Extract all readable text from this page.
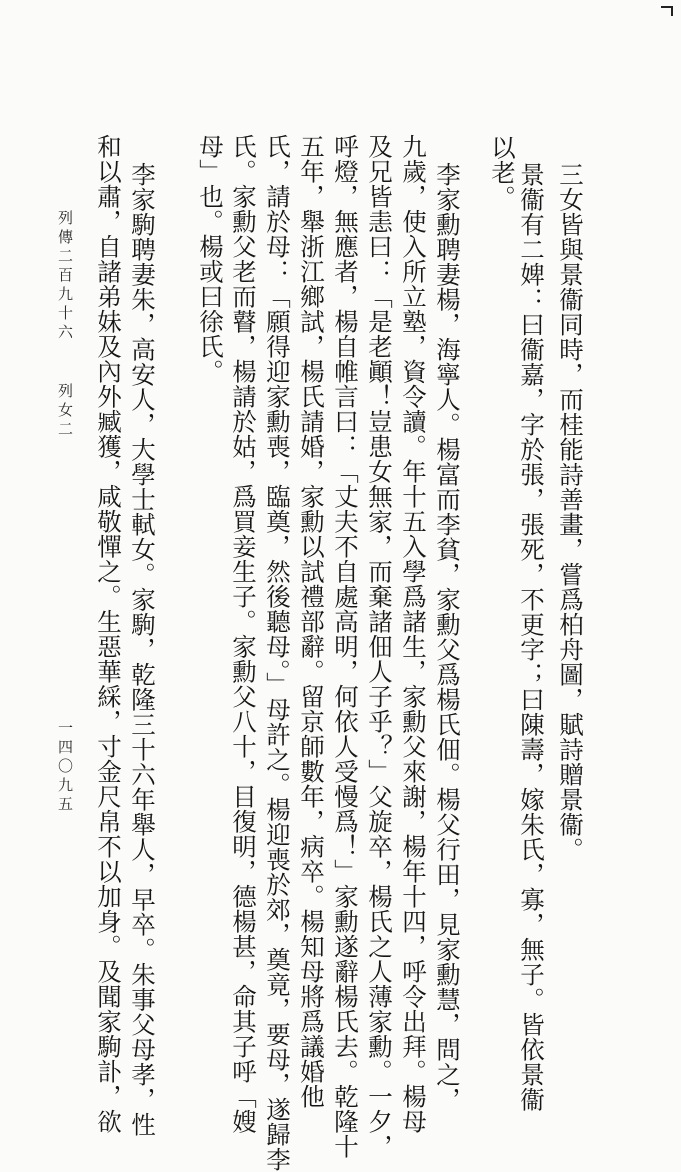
三女皆與景衞同時，而桂能詩善畫，嘗爲柏舟圖，賦詩贈景衞。
景衞有二婢：曰衞嘉，字於張，張死，不更字；曰陳壽，嫁朱氏，寡，無子。皆依景衞
以老。
李家勳聘妻楊，海寧人。楊富而李貧，家勳父爲楊氏佃。楊父行田，見家勳慧，問之，
九歲，使入所立塾，資令讀。年十五入學爲諸生，家勳父來謝，楊年十四，呼令出拜。楊母
及兄皆恚曰：「是老顚！豈患女無家，而棄諸佃人子乎？」父旋卒，楊氏之人薄家勳。一夕，
呼燈，無應者，楊自帷言曰：「丈夫不自處高明，何依人受慢爲！」家勳遂辭楊氏去。乾隆十
五年，舉浙江鄉試，楊氏請婚，家勳以試禮部辭。留京師數年，病卒。楊知母將爲議婚他
氏，請於母：「願得迎家勳喪，臨奠，然後聽母。」母許之。楊迎喪於郊，奠竟，要母，遂歸李
氏。家勳父老而瞽，楊請於姑，爲買妾生子。家勳父八十，目復明，德楊甚，命其子呼「嫂
母」也。楊或曰徐氏。
李家駒聘妻朱，高安人，大學士軾女。家駒，乾隆三十六年舉人，早卒。朱事父母孝，性
和以肅，自諸弟妹及內外臧獲，咸敬憚之。生惡華綵，寸金尺帛不以加身。及聞家駒訃，欲
列傳二百九十六列女二
一四〇九五
